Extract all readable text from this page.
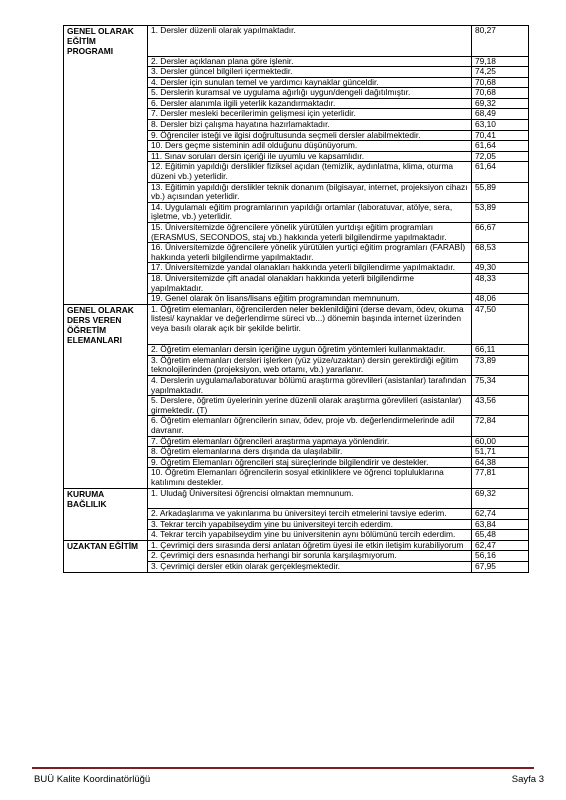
GENEL OLARAK EĞİTİM PROGRAMI	1. Dersler düzenli olarak yapılmaktadır.	80,27
	2. Dersler açıklanan plana göre işlenir.	79,18
	3. Dersler güncel bilgileri içermektedir.	74,25
	4. Dersler için sunulan temel ve yardımcı kaynaklar günceldir.	70,68
	5. Derslerin kuramsal ve uygulama ağırlığı uygun/dengeli dağıtılmıştır.	70,68
	6. Dersler alanımla ilgili yeterlik kazandırmaktadır.	69,32
	7. Dersler mesleki becerilerimin gelişmesi için yeterlidir.	68,49
	8. Dersler bizi çalışma hayatına hazırlamaktadır.	63,10
	9. Öğrenciler isteği ve ilgisi doğrultusunda seçmeli dersler alabilmektedir.	70,41
	10. Ders geçme sisteminin adil olduğunu düşünüyorum.	61,64
	11. Sınav soruları dersin içeriği ile uyumlu ve kapsamlıdır.	72,05
	12. Eğitimin yapıldığı derslikler fiziksel açıdan (temizlik, aydınlatma, klima, oturma düzeni vb.) yeterlidir.	61,64
	13. Eğitimin yapıldığı derslikler teknik donanım (bilgisayar, internet, projeksiyon cihazı vb.) açısından yeterlidir.	55,89
	14. Uygulamalı eğitim programlarının yapıldığı ortamlar (laboratuvar, atölye, sera, işletme, vb.) yeterlidir.	53,89
	15. Üniversitemizde öğrencilere yönelik yürütülen yurtdışı eğitim programları (ERASMUS, SECONDOS, staj vb.) hakkında yeterli bilgilendirme yapılmaktadır.	66,67
	16. Üniversitemizde öğrencilere yönelik yürütülen yurtiçi eğitim programları (FARABİ) hakkında yeterli bilgilendirme yapılmaktadır.	68,53
	17. Üniversitemizde yandal olanakları hakkında yeterli bilgilendirme yapılmaktadır.	49,30
	18. Üniversitemizde çift anadal olanakları hakkında yeterli bilgilendirme yapılmaktadır.	48,33
	19. Genel olarak ön lisans/lisans eğitim programından memnunum.	48,06
GENEL OLARAK DERS VEREN ÖĞRETİM ELEMANLARI	1. Öğretim elemanları, öğrencilerden neler beklenildiğini (derse devam, ödev, okuma listesi/ kaynaklar ve değerlendirme süreci vb...) dönemin başında internet üzerinden veya basılı olarak açık bir şekilde belirtir.	47,50
	2. Öğretim elemanları dersin içeriğine uygun öğretim yöntemleri kullanmaktadır.	66,11
	3. Öğretim elemanları dersleri işlerken (yüz yüze/uzaktan) dersin gerektirdiği eğitim teknolojilerinden (projeksiyon, web ortamı, vb.) yararlanır.	73,89
	4. Derslerin uygulama/laboratuvar bölümü araştırma görevlileri (asistanlar) tarafından yapılmaktadır.	75,34
	5. Derslere, öğretim üyelerinin yerine düzenli olarak araştırma görevlileri (asistanlar) girmektedir. (T)	43,56
	6. Öğretim elemanları öğrencilerin sınav, ödev, proje vb. değerlendirmelerinde adil davranır.	72,84
	7. Öğretim elemanları öğrencileri araştırma yapmaya yönlendirir.	60,00
	8. Öğretim elemanlarına ders dışında da ulaşılabilir.	51,71
	9. Öğretim Elemanları öğrencileri staj süreçlerinde bilgilendirir ve destekler.	64,38
	10. Öğretim Elemanları öğrencilerin sosyal etkinliklere ve öğrenci topluluklarına katılımını destekler.	77,81
KURUMA BAĞLILIK	1. Uludağ Üniversitesi öğrencisi olmaktan memnunum.	69,32
	2. Arkadaşlarıma ve yakınlarıma bu üniversiteyi tercih etmelerini tavsiye ederim.	62,74
	3. Tekrar tercih yapabilseydim yine bu üniversiteyi tercih ederdim.	63,84
	4. Tekrar tercih yapabilseydim yine bu üniversitenin aynı bölümünü tercih ederdim.	65,48
UZAKTAN EĞİTİM	1. Çevrimiçi ders sırasında dersi anlatan öğretim üyesi ile etkin iletişim kurabiliyorum	62,47
	2. Çevrimiçi ders esnasında herhangi bir sorunla karşılaşmıyorum.	56,16
	3. Çevrimiçi dersler etkin olarak gerçekleşmektedir.	67,95
BUÜ Kalite Koordinatörlüğü	Sayfa 3
